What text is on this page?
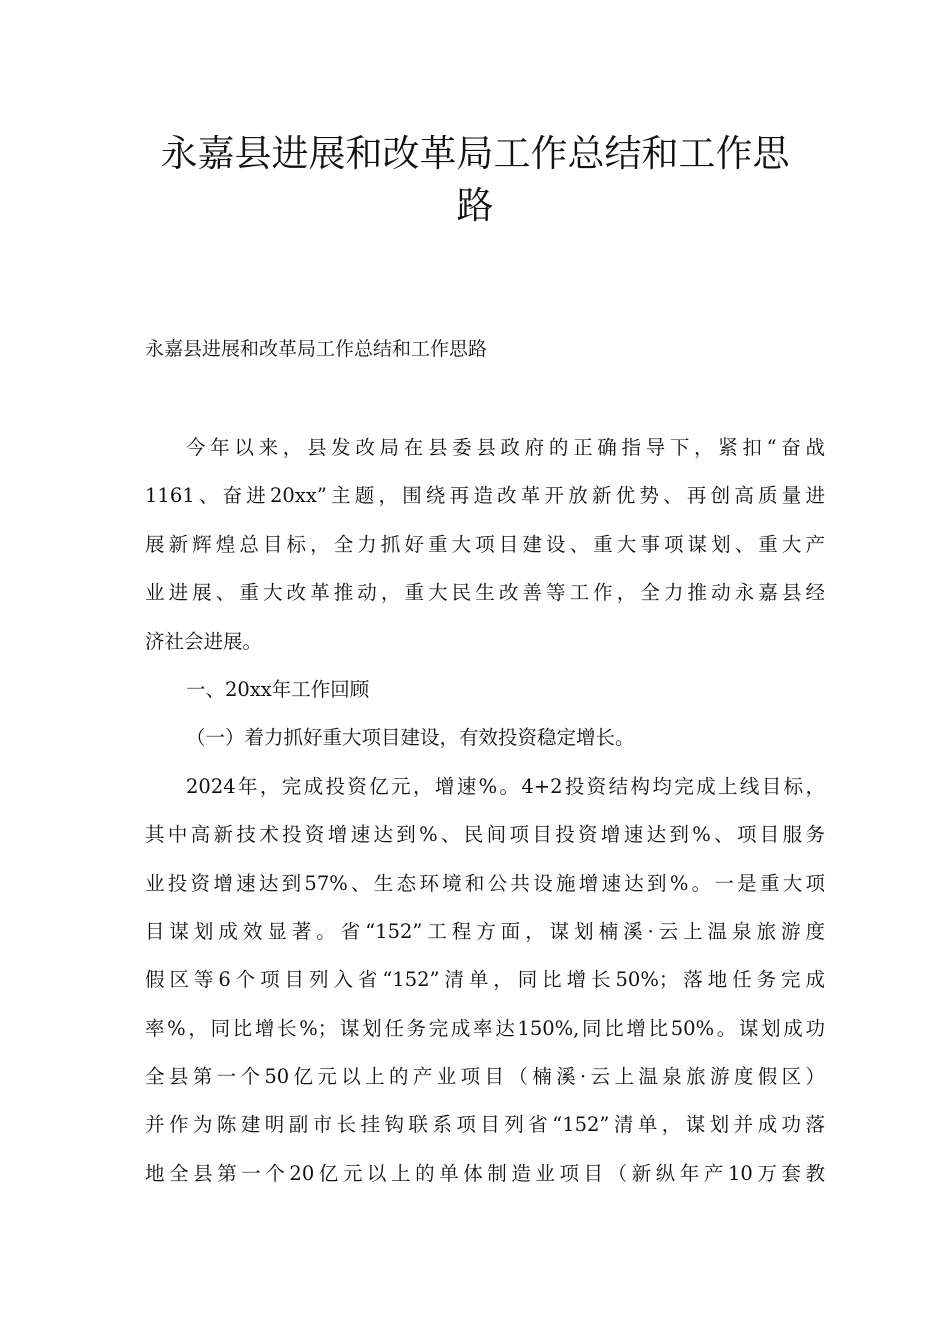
永嘉县进展和改革局工作总结和工作思
路

永嘉县进展和改革局工作总结和工作思路

今年以来，县发改局在县委县政府的正确指导下，紧扣“奋战
1161、奋进20xx”主题，围绕再造改革开放新优势、再创高质量进
展新辉煌总目标，全力抓好重大项目建设、重大事项谋划、重大产
业进展、重大改革推动，重大民生改善等工作，全力推动永嘉县经
济社会进展。
一、20xx年工作回顾
（一）着力抓好重大项目建设，有效投资稳定增长。
2024年，完成投资亿元，增速%。4+2投资结构均完成上线目标，
其中高新技术投资增速达到%、民间项目投资增速达到%、项目服务
业投资增速达到57%、生态环境和公共设施增速达到%。一是重大项
目谋划成效显著。省“152”工程方面，谋划楠溪·云上温泉旅游度
假区等6个项目列入省“152”清单，同比增长50%；落地任务完成
率%，同比增长%；谋划任务完成率达150%,同比增比50%。谋划成功
全县第一个50亿元以上的产业项目（楠溪·云上温泉旅游度假区）
并作为陈建明副市长挂钩联系项目列省“152”清单，谋划并成功落
地全县第一个20亿元以上的单体制造业项目（新纵年产10万套教
